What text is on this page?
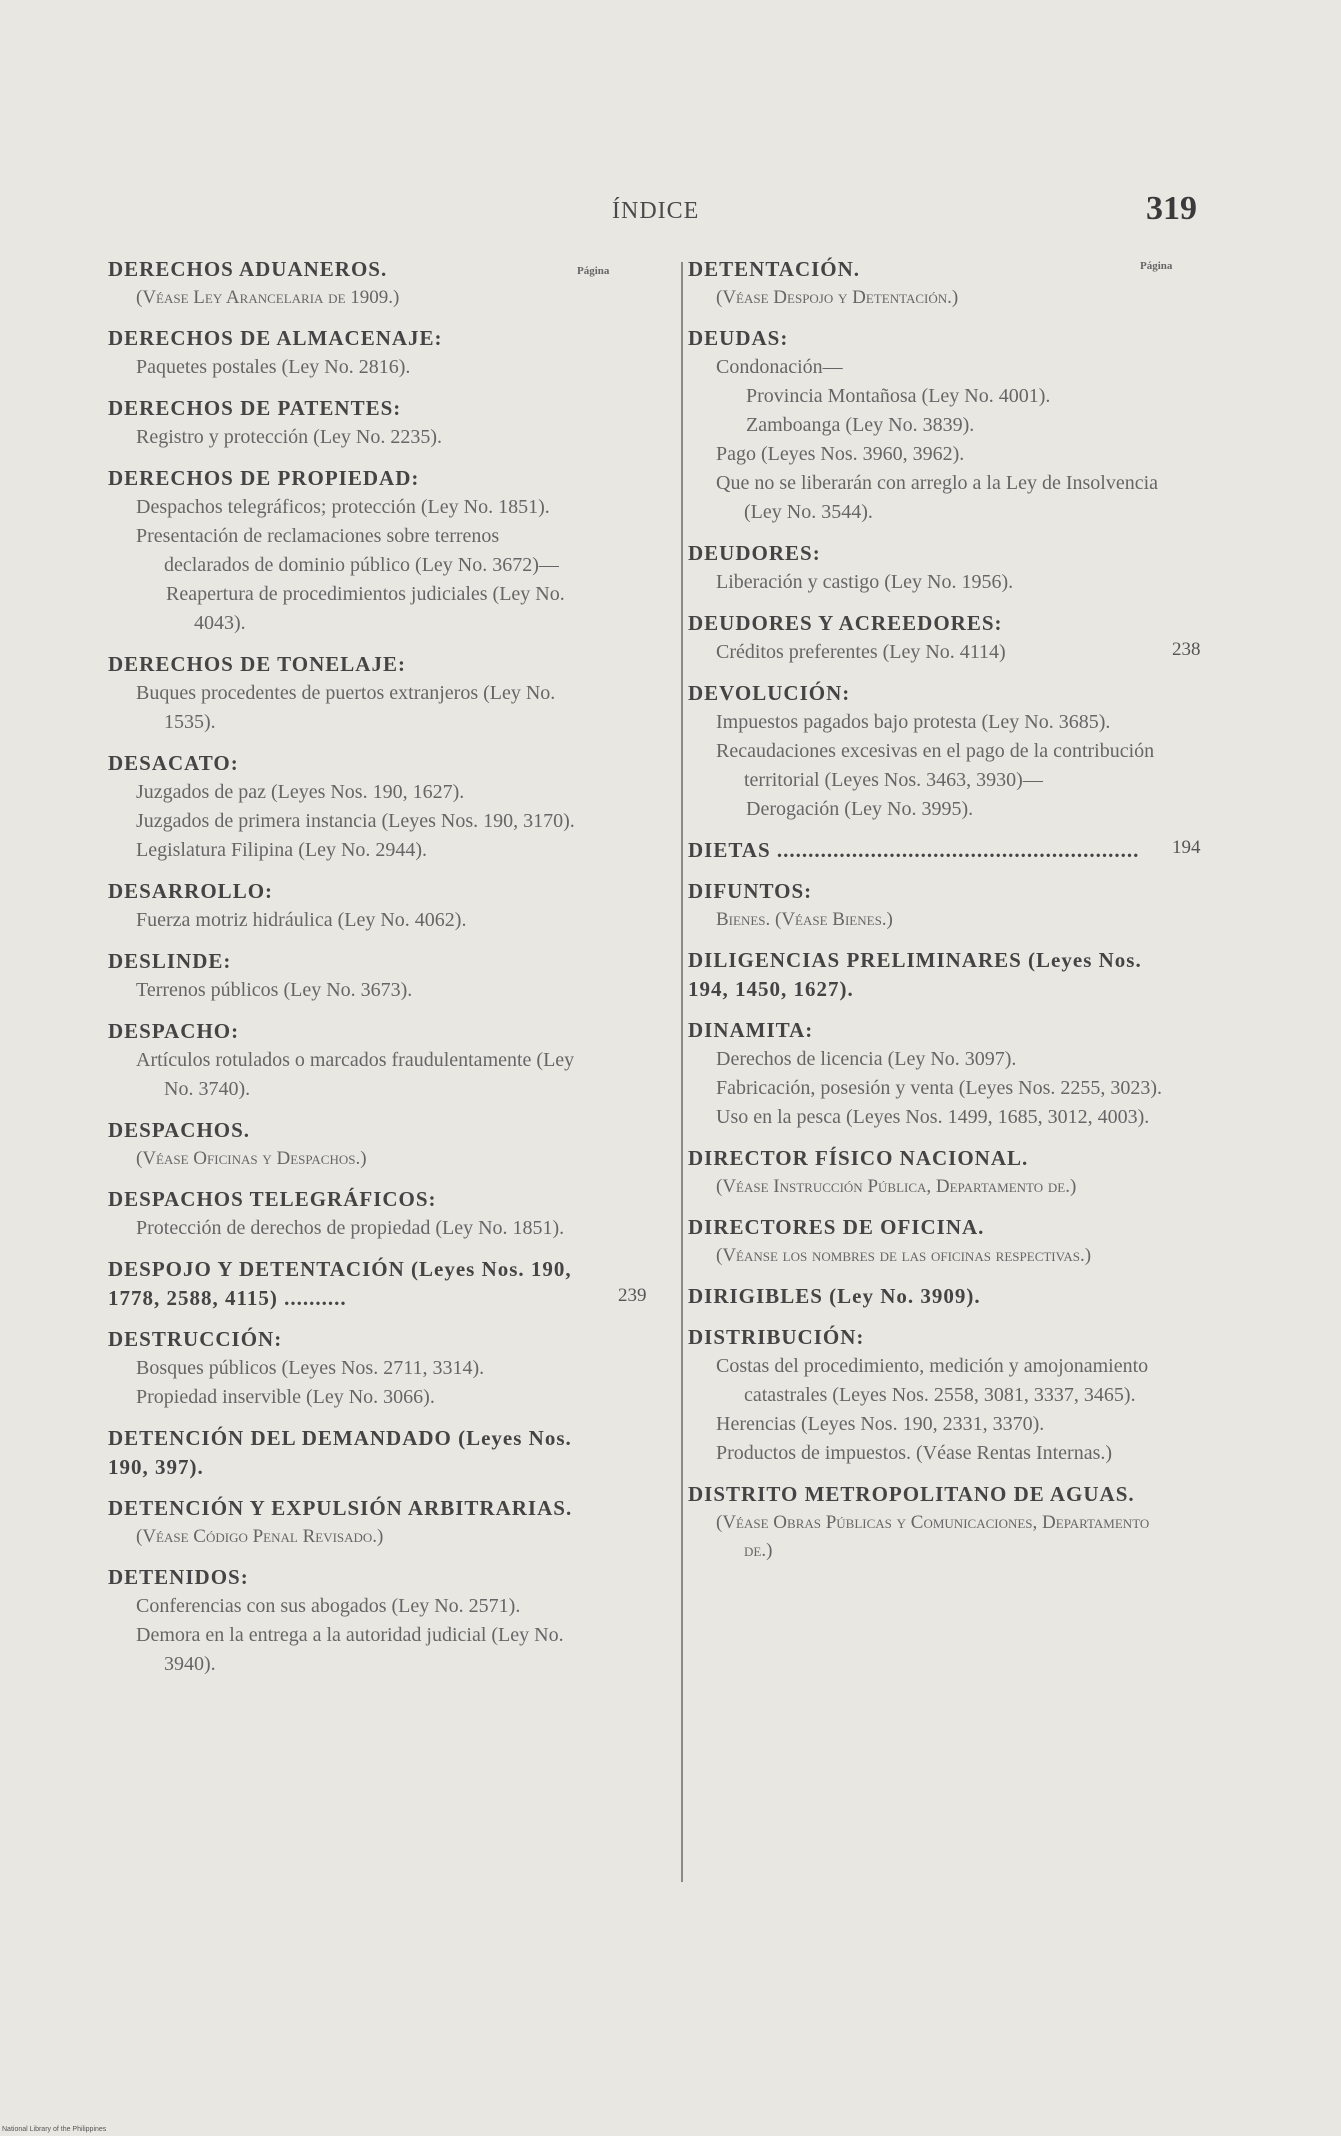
ÍNDICE	319
Página	Página
DERECHOS ADUANEROS.
(Véase Ley Arancelaria de 1909.)
DERECHOS DE ALMACENAJE:
Paquetes postales (Ley No. 2816).
DERECHOS DE PATENTES:
Registro y protección (Ley No. 2235).
DERECHOS DE PROPIEDAD:
Despachos telegráficos; protección (Ley No. 1851).
Presentación de reclamaciones sobre terrenos declarados de dominio público (Ley No. 3672)—
Reapertura de procedimientos judiciales (Ley No. 4043).
DERECHOS DE TONELAJE:
Buques procedentes de puertos extranjeros (Ley No. 1535).
DESACATO:
Juzgados de paz (Leyes Nos. 190, 1627).
Juzgados de primera instancia (Leyes Nos. 190, 3170).
Legislatura Filipina (Ley No. 2944).
DESARROLLO:
Fuerza motriz hidráulica (Ley No. 4062).
DESLINDE:
Terrenos públicos (Ley No. 3673).
DESPACHO:
Artículos rotulados o marcados fraudulentamente (Ley No. 3740).
DESPACHOS.
(Véase Oficinas y Despachos.)
DESPACHOS TELEGRÁFICOS:
Protección de derechos de propiedad (Ley No. 1851).
DESPOJO Y DETENTACIÓN (Leyes Nos. 190, 1778, 2588, 4115) ..........	239
DESTRUCCIÓN:
Bosques públicos (Leyes Nos. 2711, 3314).
Propiedad inservible (Ley No. 3066).
DETENCIÓN DEL DEMANDADO (Leyes Nos. 190, 397).
DETENCIÓN Y EXPULSIÓN ARBITRARIAS.
(Véase Código Penal Revisado.)
DETENIDOS:
Conferencias con sus abogados (Ley No. 2571).
Demora en la entrega a la autoridad judicial (Ley No. 3940).
DETENTACIÓN.
(Véase Despojo y Detentación.)
DEUDAS:
Condonación—
Provincia Montañosa (Ley No. 4001).
Zamboanga (Ley No. 3839).
Pago (Leyes Nos. 3960, 3962).
Que no se liberarán con arreglo a la Ley de Insolvencia (Ley No. 3544).
DEUDORES:
Liberación y castigo (Ley No. 1956).
DEUDORES Y ACREEDORES:
Créditos preferentes (Ley No. 4114)	238
DEVOLUCIÓN:
Impuestos pagados bajo protesta (Ley No. 3685).
Recaudaciones excesivas en el pago de la contribución territorial (Leyes Nos. 3463, 3930)—
Derogación (Ley No. 3995).
DIETAS ..........................................................	194
DIFUNTOS:
Bienes. (Véase Bienes.)
DILIGENCIAS PRELIMINARES (Leyes Nos. 194, 1450, 1627).
DINAMITA:
Derechos de licencia (Ley No. 3097).
Fabricación, posesión y venta (Leyes Nos. 2255, 3023).
Uso en la pesca (Leyes Nos. 1499, 1685, 3012, 4003).
DIRECTOR FÍSICO NACIONAL.
(Véase Instrucción Pública, Departamento de.)
DIRECTORES DE OFICINA.
(Véanse los nombres de las oficinas respectivas.)
DIRIGIBLES (Ley No. 3909).
DISTRIBUCIÓN:
Costas del procedimiento, medición y amojonamiento catastrales (Leyes Nos. 2558, 3081, 3337, 3465).
Herencias (Leyes Nos. 190, 2331, 3370).
Productos de impuestos. (Véase Rentas Internas.)
DISTRITO METROPOLITANO DE AGUAS.
(Véase Obras Públicas y Comunicaciones, Departamento de.)
National Library of the Philippines
